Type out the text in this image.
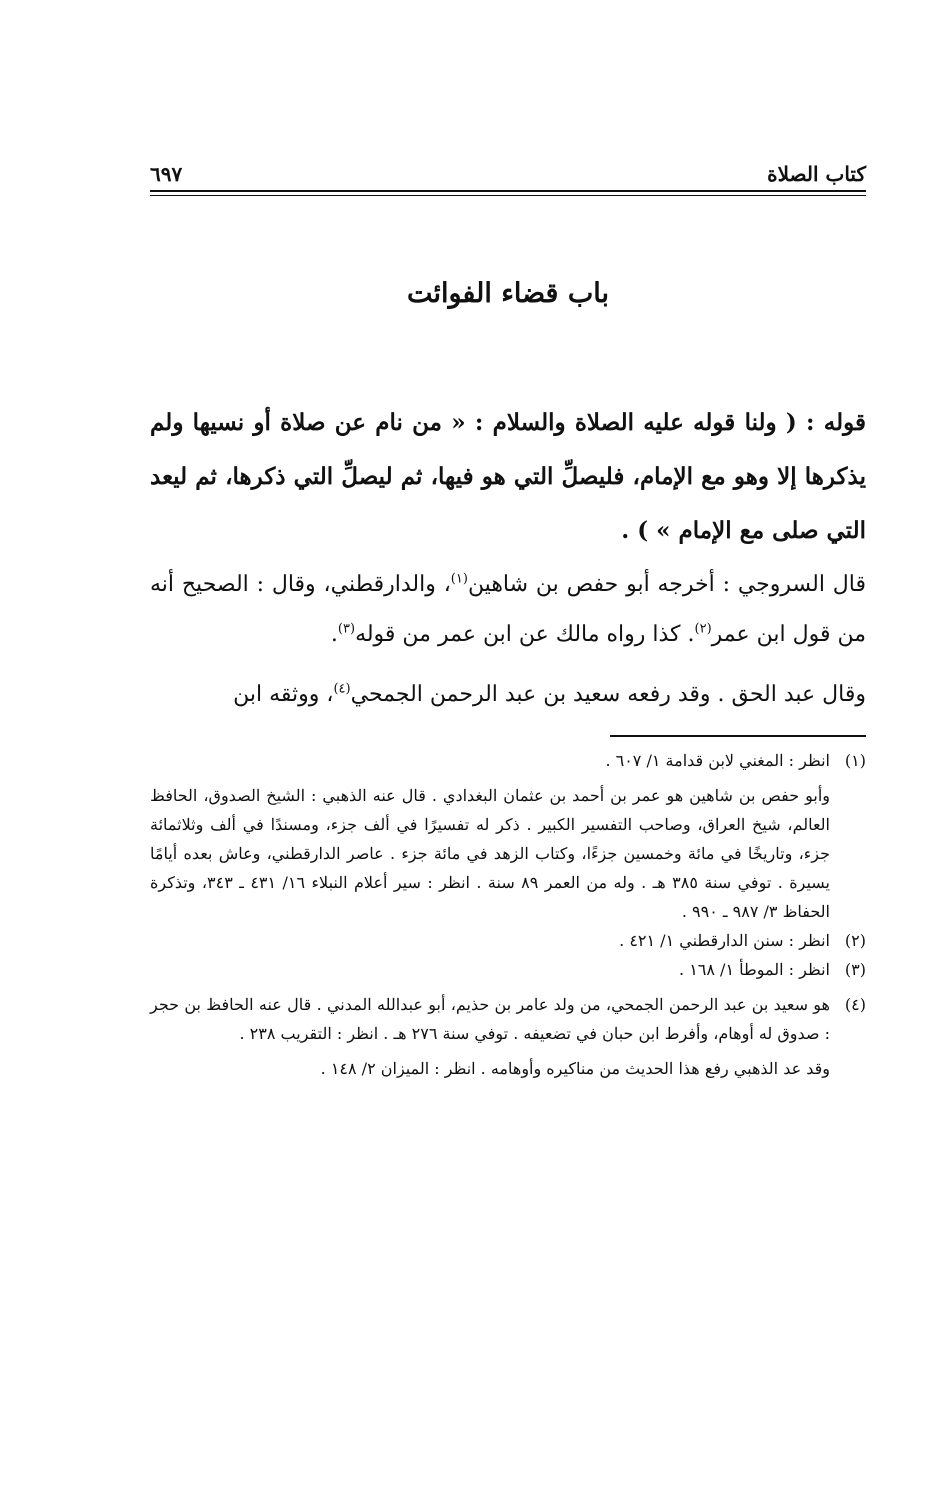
كتاب الصلاة
٦٩٧
باب قضاء الفوائت
قوله : ( ولنا قوله عليه الصلاة والسلام : « من نام عن صلاة أو نسيها ولم يذكرها إلا وهو مع الإمام، فليصلِّ التي هو فيها، ثم ليصلِّ التي ذكرها، ثم ليعد التي صلى مع الإمام » ) .
قال السروجي : أخرجه أبو حفص بن شاهين$^{(١)}$، والدارقطني، وقال : الصحيح أنه من قول ابن عمر$^{(٢)}$. كذا رواه مالك عن ابن عمر من قوله$^{(٣)}$.
وقال عبد الحق . وقد رفعه سعيد بن عبد الرحمن الجمحي$^{(٤)}$، ووثقه ابن
(١)
انظر : المغني لابن قدامة ١/ ٦٠٧ .
وأبو حفص بن شاهين هو عمر بن أحمد بن عثمان البغدادي . قال عنه الذهبي : الشيخ الصدوق، الحافظ العالم، شيخ العراق، وصاحب التفسير الكبير . ذكر له تفسيرًا في ألف جزء، ومسندًا في ألف وثلاثمائة جزء، وتاريخًا في مائة وخمسين جزءًا، وكتاب الزهد في مائة جزء . عاصر الدارقطني، وعاش بعده أيامًا يسيرة . توفي سنة ٣٨٥ هـ . وله من العمر ٨٩ سنة . انظر : سير أعلام النبلاء ١٦/ ٤٣١ ـ ٣٤٣، وتذكرة الحفاظ ٣/ ٩٨٧ ـ ٩٩٠ .
(٢)
انظر : سنن الدارقطني ١/ ٤٢١ .
(٣)
انظر : الموطأ ١/ ١٦٨ .
(٤)
هو سعيد بن عبد الرحمن الجمحي، من ولد عامر بن حذيم، أبو عبدالله المدني . قال عنه الحافظ بن حجر : صدوق له أوهام، وأفرط ابن حبان في تضعيفه . توفي سنة ٢٧٦ هـ . انظر : التقريب ٢٣٨ .
وقد عد الذهبي رفع هذا الحديث من مناكيره وأوهامه . انظر : الميزان ٢/ ١٤٨ .
